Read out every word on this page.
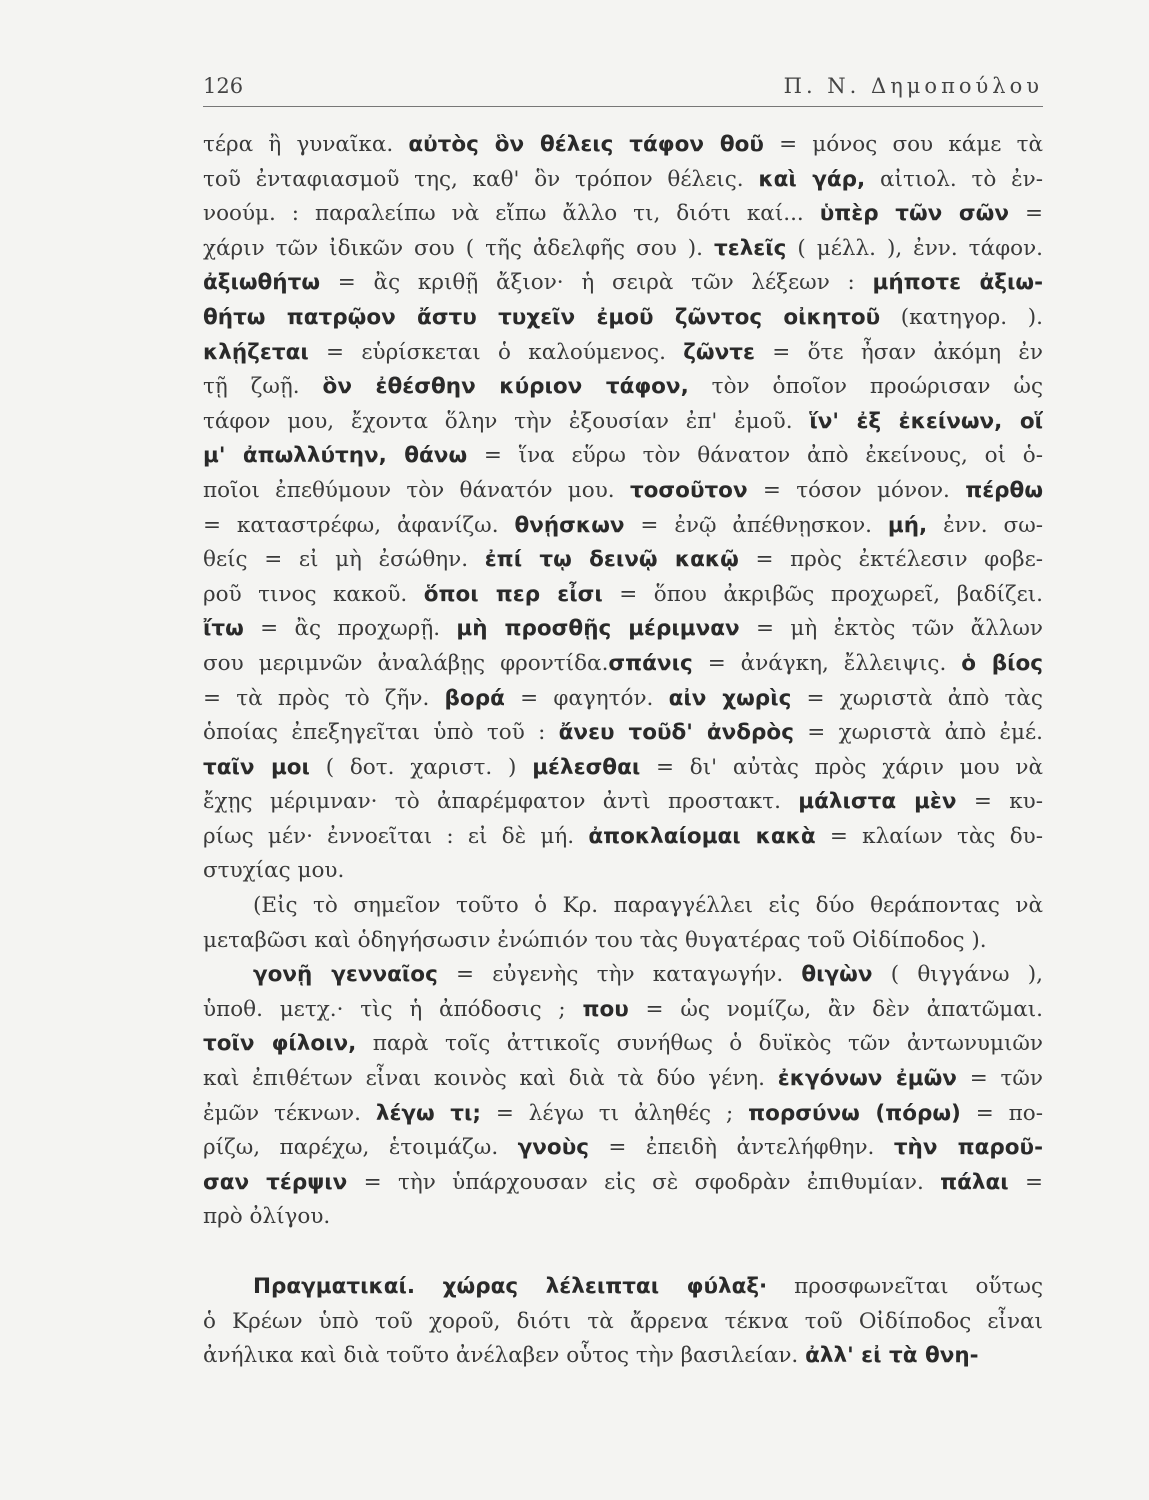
126	Π. Ν. Δημοπούλου
τέρα ἢ γυναῖκα. αὐτὸς ὃν θέλεις τάφον θοῦ = μόνος σου κάμε τὰ
τοῦ ἐνταφιασμοῦ της, καθ' ὃν τρόπον θέλεις. καὶ γάρ, αἰτιολ. τὸ ἐν-
νοούμ. : παραλείπω νὰ εἴπω ἄλλο τι, διότι καί... ὑπὲρ τῶν σῶν =
χάριν τῶν ἰδικῶν σου ( τῆς ἀδελφῆς σου ). τελεῖς ( μέλλ. ), ἐνν. τάφον.
ἀξιωθήτω = ἂς κριθῇ ἄξιον· ἡ σειρὰ τῶν λέξεων : μήποτε ἀξιω-
θήτω πατρῷον ἄστυ τυχεῖν ἐμοῦ ζῶντος οἰκητοῦ (κατηγορ. ).
κλῄζεται = εὑρίσκεται ὁ καλούμενος. ζῶντε = ὅτε ἦσαν ἀκόμη ἐν
τῇ ζωῇ. ὃν ἐθέσθην κύριον τάφον, τὸν ὁποῖον προώρισαν ὡς
τάφον μου, ἔχοντα ὅλην τὴν ἐξουσίαν ἐπ' ἐμοῦ. ἵν' ἐξ ἐκείνων, οἵ
μ' ἀπωλλύτην, θάνω = ἵνα εὕρω τὸν θάνατον ἀπὸ ἐκείνους, οἱ ὁ-
ποῖοι ἐπεθύμουν τὸν θάνατόν μου. τοσοῦτον = τόσον μόνον. πέρθω
= καταστρέφω, ἀφανίζω. θνῄσκων = ἐνῷ ἀπέθνῃσκον. μή, ἐνν. σω-
θείς = εἰ μὴ ἐσώθην. ἐπί τῳ δεινῷ κακῷ = πρὸς ἐκτέλεσιν φοβε-
ροῦ τινος κακοῦ. ὅποι περ εἶσι = ὅπου ἀκριβῶς προχωρεῖ, βαδίζει.
ἴτω = ἂς προχωρῇ. μὴ προσθῇς μέριμναν = μὴ ἐκτὸς τῶν ἄλλων
σου μεριμνῶν ἀναλάβῃς φροντίδα.σπάνις = ἀνάγκη, ἔλλειψις. ὁ βίος
= τὰ πρὸς τὸ ζῆν. βορά = φαγητόν. αἰν χωρὶς = χωριστὰ ἀπὸ τὰς
ὁποίας ἐπεξηγεῖται ὑπὸ τοῦ : ἄνευ τοῦδ' ἀνδρὸς = χωριστὰ ἀπὸ ἐμέ.
ταῖν μοι ( δοτ. χαριστ. ) μέλεσθαι = δι' αὐτὰς πρὸς χάριν μου νὰ
ἔχῃς μέριμναν· τὸ ἀπαρέμφατον ἀντὶ προστακτ. μάλιστα μὲν = κυ-
ρίως μέν· ἐννοεῖται : εἰ δὲ μή. ἀποκλαίομαι κακὰ = κλαίων τὰς δυ-
στυχίας μου.
(Εἰς τὸ σημεῖον τοῦτο ὁ Κρ. παραγγέλλει εἰς δύο θεράποντας νὰ
μεταβῶσι καὶ ὁδηγήσωσιν ἐνώπιόν του τὰς θυγατέρας τοῦ Οἰδίποδος ).
γονῇ γενναῖος = εὐγενὴς τὴν καταγωγήν. θιγὼν ( θιγγάνω ),
ὑποθ. μετχ.· τὶς ἡ ἀπόδοσις ; που = ὡς νομίζω, ἂν δὲν ἀπατῶμαι.
τοῖν φίλοιν, παρὰ τοῖς ἀττικοῖς συνήθως ὁ δυϊκὸς τῶν ἀντωνυμιῶν
καὶ ἐπιθέτων εἶναι κοινὸς καὶ διὰ τὰ δύο γένη. ἐκγόνων ἐμῶν = τῶν
ἐμῶν τέκνων. λέγω τι; = λέγω τι ἀληθές ; πορσύνω (πόρω) = πο-
ρίζω, παρέχω, ἑτοιμάζω. γνοὺς = ἐπειδὴ ἀντελήφθην. τὴν παροῦ-
σαν τέρψιν = τὴν ὑπάρχουσαν εἰς σὲ σφοδρὰν ἐπιθυμίαν. πάλαι =
πρὸ ὀλίγου.
Πραγματικαί. χώρας λέλειπται φύλαξ· προσφωνεῖται οὕτως
ὁ Κρέων ὑπὸ τοῦ χοροῦ, διότι τὰ ἄρρενα τέκνα τοῦ Οἰδίποδος εἶναι
ἀνήλικα καὶ διὰ τοῦτο ἀνέλαβεν οὗτος τὴν βασιλείαν. ἀλλ' εἰ τὰ θνη-
